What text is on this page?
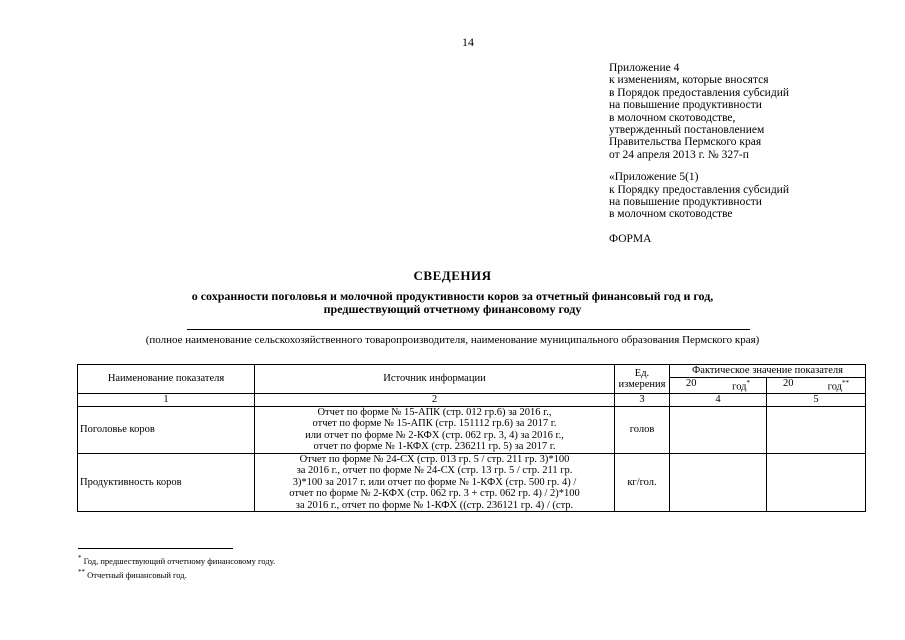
14
Приложение 4
к изменениям, которые вносятся
в Порядок предоставления субсидий
на повышение продуктивности
в молочном скотоводстве,
утвержденный постановлением
Правительства Пермского края
от 24 апреля 2013 г. № 327-п
«Приложение 5(1)
к Порядку предоставления субсидий
на повышение продуктивности
в молочном скотоводстве
ФОРМА
СВЕДЕНИЯ
о сохранности поголовья и молочной продуктивности коров за отчетный финансовый год и год,
предшествующий отчетному финансовому году
(полное наименование сельскохозяйственного товаропроизводителя, наименование муниципального образования Пермского края)
Наименование показателя	Источник информации	Ед. измерения	Фактическое значение показателя	

			20 год*	20 год**

1	2	3	4	5
Поголовье коров	Отчет по форме № 15-АПК (стр. 012 гр.6) за 2016 г.,
отчет по форме № 15-АПК (стр. 151112 гр.6) за 2017 г.
или отчет по форме № 2-КФХ (стр. 062 гр. 3, 4) за 2016 г.,
отчет по форме № 1-КФХ (стр. 236211 гр. 5) за 2017 г.	голов		
Продуктивность коров	Отчет по форме № 24-СХ (стр. 013 гр. 5 / стр. 211 гр. 3)*100
за 2016 г., отчет по форме № 24-СХ (стр. 13 гр. 5 / стр. 211 гр.
3)*100 за 2017 г. или отчет по форме № 1-КФХ (стр. 500 гр. 4) /
отчет по форме № 2-КФХ (стр. 062 гр. 3 + стр. 062 гр. 4) / 2)*100
за 2016 г., отчет по форме № 1-КФХ ((стр. 236121 гр. 4) / (стр.	кг/гол.		
* Год, предшествующий отчетному финансовому году.
** Отчетный финансовый год.
